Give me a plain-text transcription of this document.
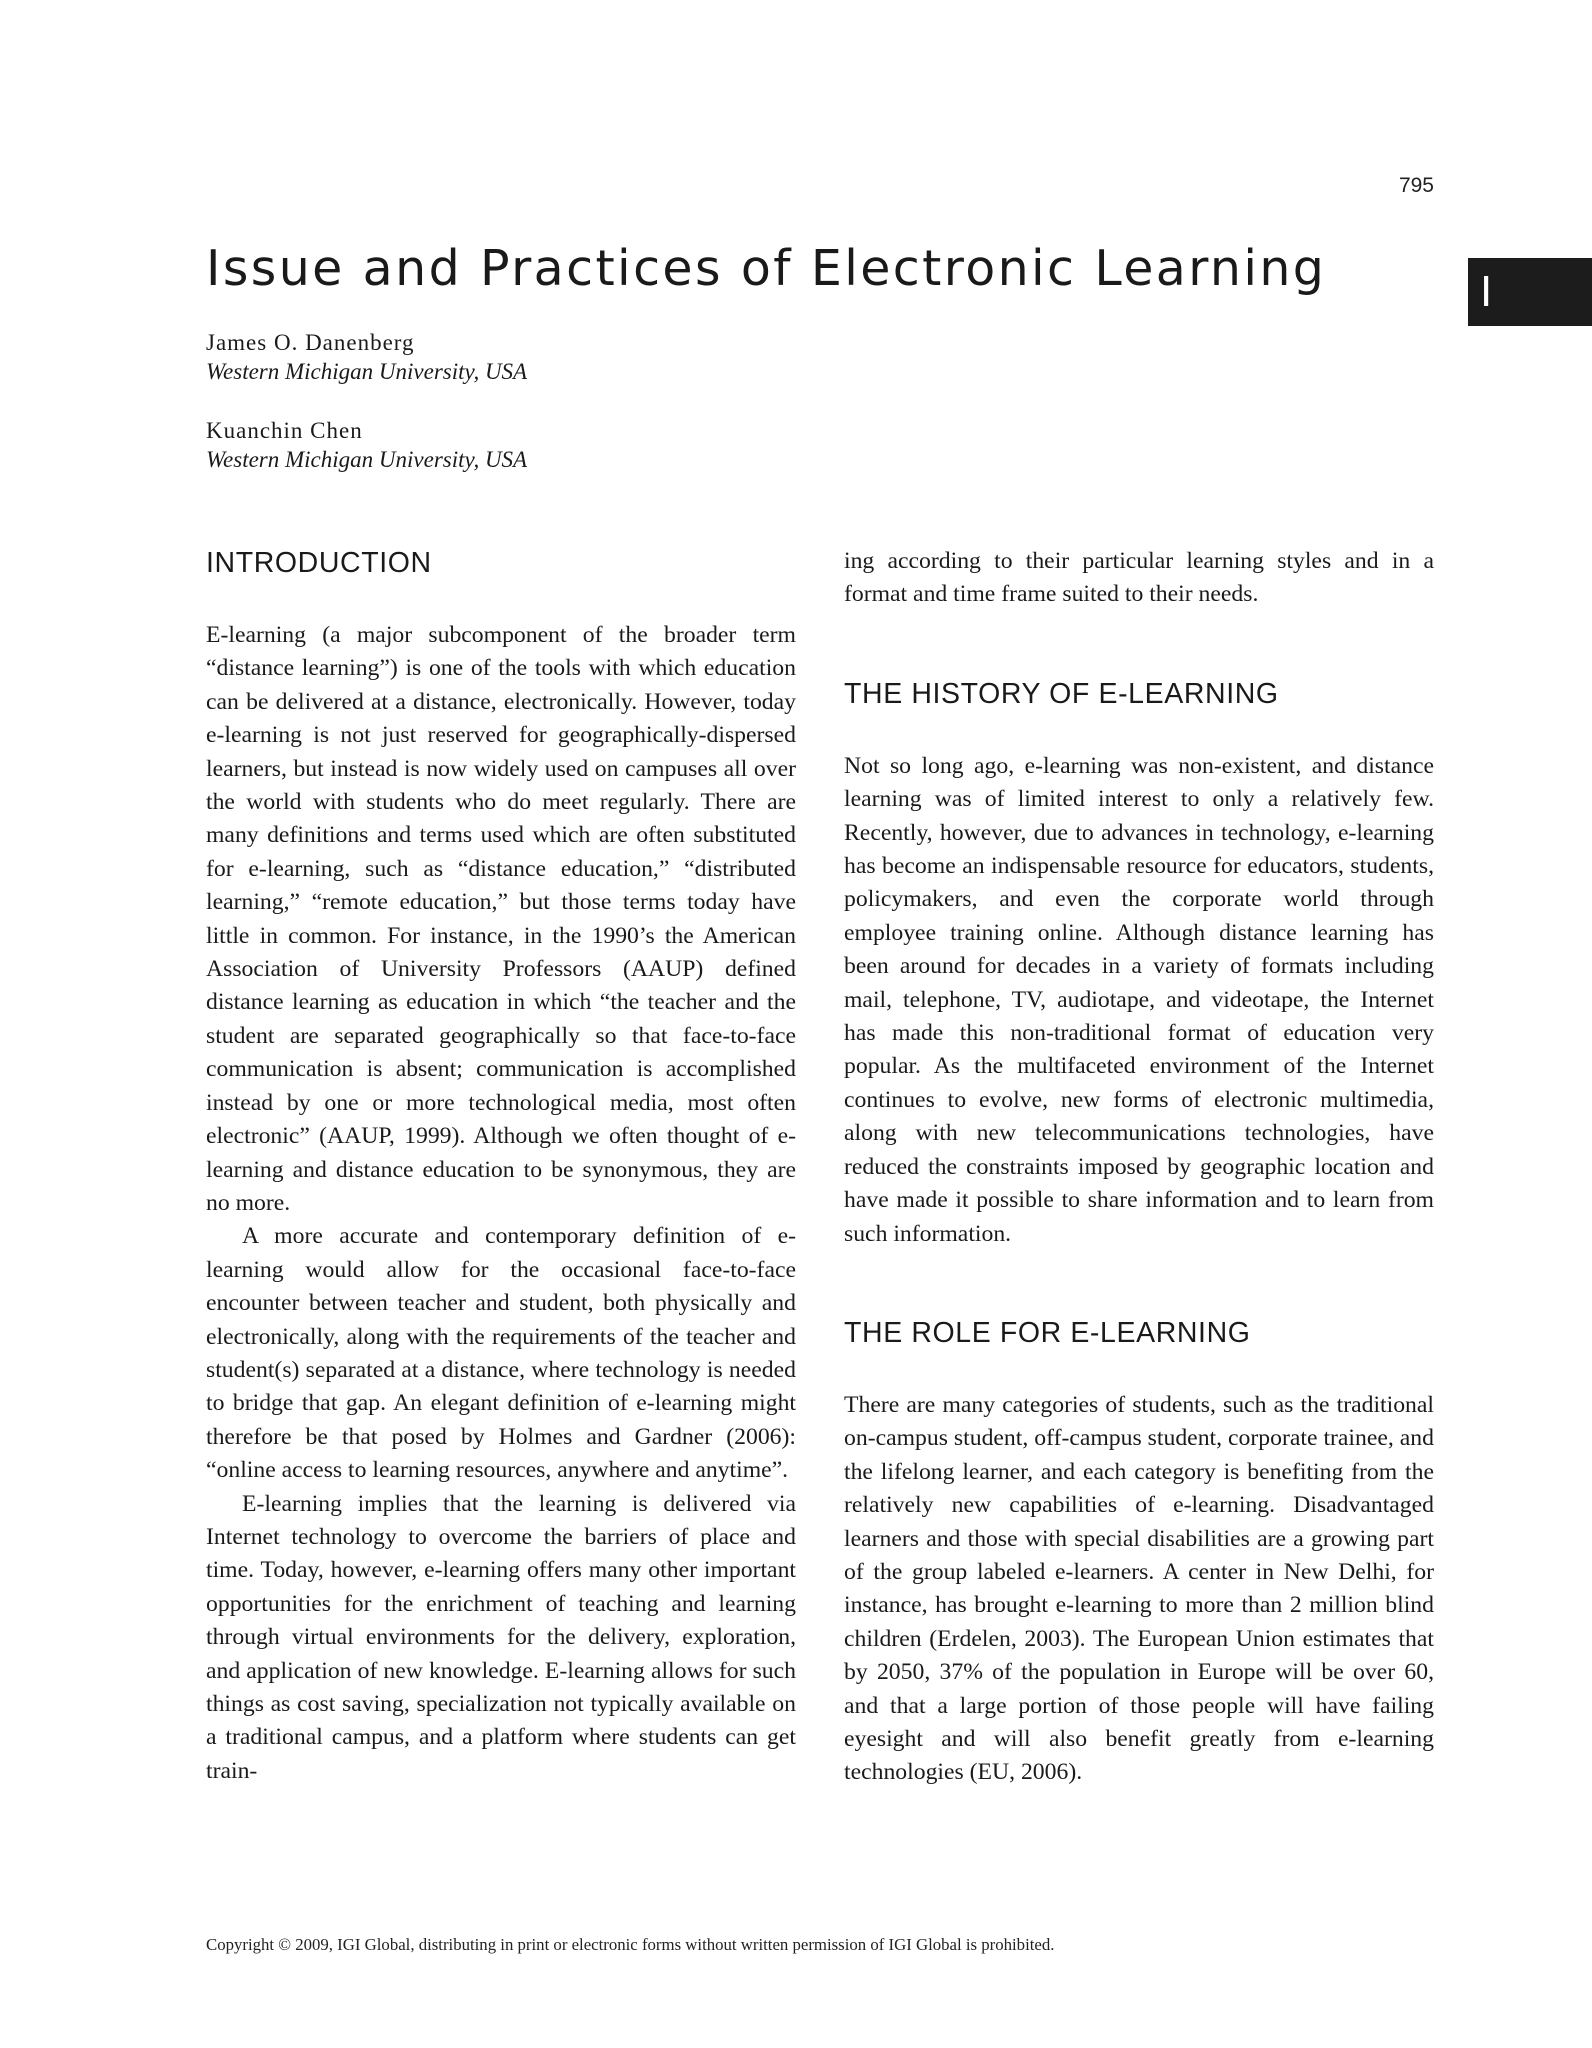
795
I
Issue and Practices of Electronic Learning
James O. Danenberg
Western Michigan University, USA
Kuanchin Chen
Western Michigan University, USA
INTRODUCTION

E-learning (a major subcomponent of the broader term “distance learning”) is one of the tools with which education can be delivered at a distance, electronically. However, today e-learning is not just reserved for geographically-dispersed learners, but instead is now widely used on campuses all over the world with students who do meet regularly. There are many definitions and terms used which are often substituted for e-learning, such as “distance education,” “distributed learning,” “remote education,” but those terms today have little in common. For instance, in the 1990’s the American Association of University Professors (AAUP) defined distance learning as education in which “the teacher and the student are separated geographically so that face-to-face communication is absent; communication is accomplished instead by one or more technological media, most often electronic” (AAUP, 1999). Although we often thought of e-learning and distance education to be synonymous, they are no more.

A more accurate and contemporary definition of e-learning would allow for the occasional face-to-face encounter between teacher and student, both physically and electronically, along with the requirements of the teacher and student(s) separated at a distance, where technology is needed to bridge that gap. An elegant definition of e-learning might therefore be that posed by Holmes and Gardner (2006): “online access to learning resources, anywhere and anytime”.

E-learning implies that the learning is delivered via Internet technology to overcome the barriers of place and time. Today, however, e-learning offers many other important opportunities for the enrichment of teaching and learning through virtual environments for the delivery, exploration, and application of new knowledge. E-learning allows for such things as cost saving, specialization not typically available on a traditional campus, and a platform where students can get train-

ing according to their particular learning styles and in a format and time frame suited to their needs.

THE HISTORY OF E-LEARNING

Not so long ago, e-learning was non-existent, and distance learning was of limited interest to only a relatively few. Recently, however, due to advances in technology, e-learning has become an indispensable resource for educators, students, policymakers, and even the corporate world through employee training online. Although distance learning has been around for decades in a variety of formats including mail, telephone, TV, audiotape, and videotape, the Internet has made this non-traditional format of education very popular. As the multifaceted environment of the Internet continues to evolve, new forms of electronic multimedia, along with new telecommunications technologies, have reduced the constraints imposed by geographic location and have made it possible to share information and to learn from such information.

THE ROLE FOR E-LEARNING

There are many categories of students, such as the traditional on-campus student, off-campus student, corporate trainee, and the lifelong learner, and each category is benefiting from the relatively new capabilities of e-learning. Disadvantaged learners and those with special disabilities are a growing part of the group labeled e-learners. A center in New Delhi, for instance, has brought e-learning to more than 2 million blind children (Erdelen, 2003). The European Union estimates that by 2050, 37% of the population in Europe will be over 60, and that a large portion of those people will have failing eyesight and will also benefit greatly from e-learning technologies (EU, 2006).

Copyright © 2009, IGI Global, distributing in print or electronic forms without written permission of IGI Global is prohibited.
